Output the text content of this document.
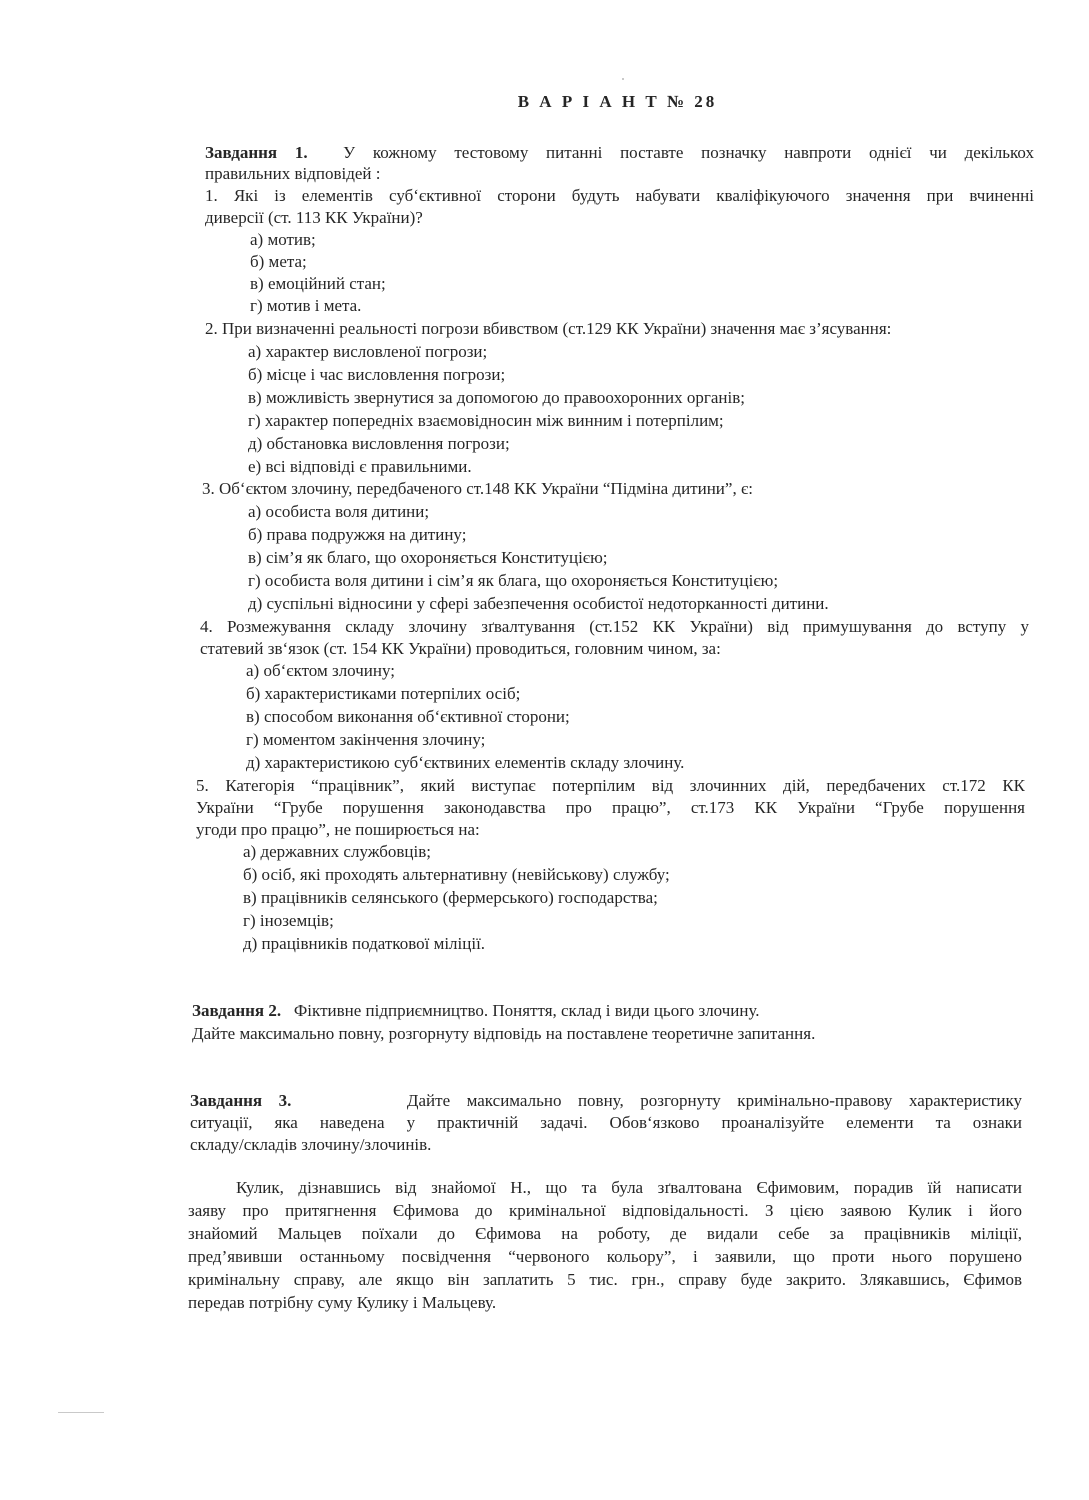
В А Р І А Н Т № 28
Завдання 1. У кожному тестовому питанні поставте позначку навпроти однієї чи декількох
правильних відповідей :
1. Які із елементів суб‘єктивної сторони будуть набувати кваліфікуючого значення при вчиненні
диверсії (ст. 113 КК України)?
а) мотив;
б) мета;
в) емоційний стан;
г) мотив і мета.
2. При визначенні реальності погрози вбивством (ст.129 КК України) значення має з’ясування:
а) характер висловленої погрози;
б) місце і час висловлення погрози;
в) можливість звернутися за допомогою до правоохоронних органів;
г) характер попередніх взаємовідносин між винним і потерпілим;
д) обстановка висловлення погрози;
е) всі відповіді є правильними.
3. Об‘єктом злочину, передбаченого ст.148 КК України “Підміна дитини”, є:
а) особиста воля дитини;
б) права подружжя на дитину;
в) сім’я як благо, що охороняється Конституцією;
г) особиста воля дитини і сім’я як блага, що охороняється Конституцією;
д) суспільні відносини у сфері забезпечення особистої недоторканності дитини.
4. Розмежування складу злочину зґвалтування (ст.152 КК України) від примушування до вступу у
статевий зв‘язок (ст. 154 КК України) проводиться, головним чином, за:
а) об‘єктом злочину;
б) характеристиками потерпілих осіб;
в) способом виконання об‘єктивної сторони;
г) моментом закінчення злочину;
д) характеристикою суб‘єктвиних елементів складу злочину.
5. Категорія “працівник”, який виступає потерпілим від злочинних дій, передбачених ст.172 КК
України “Грубе порушення законодавства про працю”, ст.173 КК України “Грубе порушення
угоди про працю”, не поширюється на:
а) державних службовців;
б) осіб, які проходять альтернативну (невійськову) службу;
в) працівників селянського (фермерського) господарства;
г) іноземців;
д) працівників податкової міліції.
Завдання 2. Фіктивне підприємництво. Поняття, склад і види цього злочину.
Дайте максимально повну, розгорнуту відповідь на поставлене теоретичне запитання.
Завдання 3.	Дайте максимально повну, розгорнуту кримінально-правову характеристику
ситуації, яка наведена у практичній задачі. Обов‘язково проаналізуйте елементи та ознаки
складу/складів злочину/злочинів.
Кулик, дізнавшись від знайомої Н., що та була зґвалтована Єфимовим, порадив їй написати
заяву про притягнення Єфимова до кримінальної відповідальності. З цією заявою Кулик і його
знайомий Мальцев поїхали до Єфимова на роботу, де видали себе за працівників міліції,
пред’явивши останньому посвідчення “червоного кольору”, і заявили, що проти нього порушено
кримінальну справу, але якщо він заплатить 5 тис. грн., справу буде закрито. Злякавшись, Єфимов
передав потрібну суму Кулику і Мальцеву.
